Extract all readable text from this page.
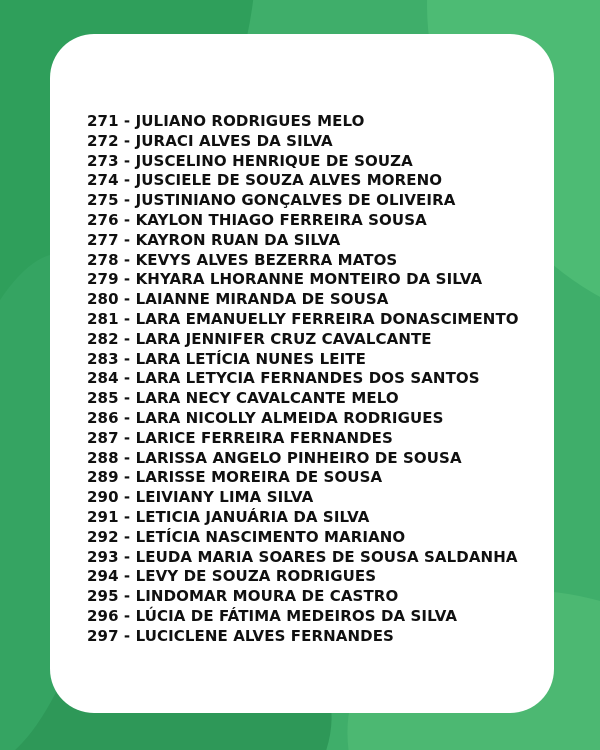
271 - JULIANO RODRIGUES MELO
272 - JURACI ALVES DA SILVA
273 - JUSCELINO HENRIQUE DE SOUZA
274 - JUSCIELE DE SOUZA ALVES MORENO
275 - JUSTINIANO GONÇALVES DE OLIVEIRA
276 - KAYLON THIAGO FERREIRA SOUSA
277 - KAYRON RUAN DA SILVA
278 - KEVYS ALVES BEZERRA MATOS
279 - KHYARA LHORANNE MONTEIRO DA SILVA
280 - LAIANNE MIRANDA DE SOUSA
281 - LARA EMANUELLY FERREIRA DONASCIMENTO
282 - LARA JENNIFER CRUZ CAVALCANTE
283 - LARA LETÍCIA NUNES LEITE
284 - LARA LETYCIA FERNANDES DOS SANTOS
285 - LARA NECY CAVALCANTE MELO
286 - LARA NICOLLY ALMEIDA RODRIGUES
287 - LARICE FERREIRA FERNANDES
288 - LARISSA ANGELO PINHEIRO DE SOUSA
289 - LARISSE MOREIRA DE SOUSA
290 - LEIVIANY LIMA SILVA
291 - LETICIA JANUÁRIA DA SILVA
292 - LETÍCIA NASCIMENTO MARIANO
293 - LEUDA MARIA SOARES DE SOUSA SALDANHA
294 - LEVY DE SOUZA RODRIGUES
295 - LINDOMAR MOURA DE CASTRO
296 - LÚCIA DE FÁTIMA MEDEIROS DA SILVA
297 - LUCICLENE ALVES FERNANDES
